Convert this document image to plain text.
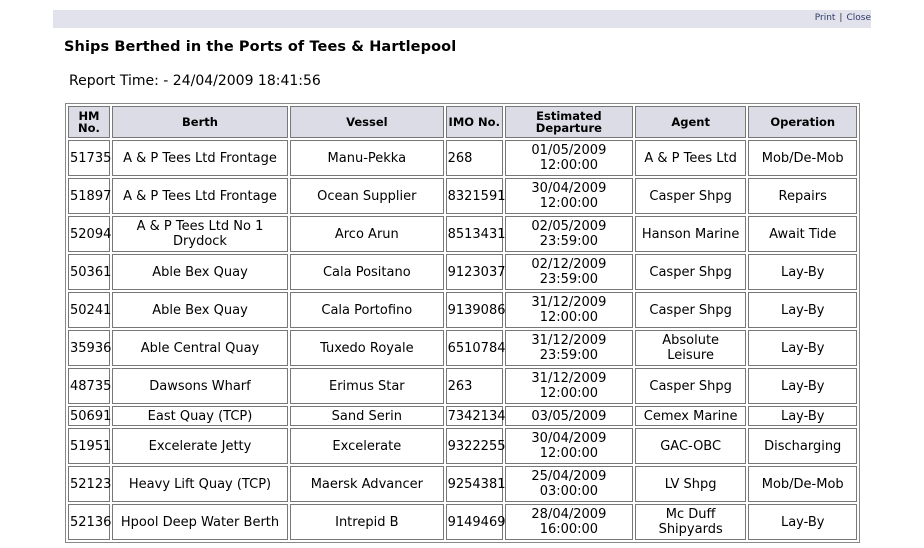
Print | Close
Ships Berthed in the Ports of Tees & Hartlepool
Report Time: - 24/04/2009 18:41:56
HM No.	Berth	Vessel	IMO No.	Estimated Departure	Agent	Operation
51735	A & P Tees Ltd Frontage	Manu-Pekka	268	01/05/2009 12:00:00	A & P Tees Ltd	Mob/De-Mob
51897	A & P Tees Ltd Frontage	Ocean Supplier	8321591	30/04/2009 12:00:00	Casper Shpg	Repairs
52094	A & P Tees Ltd No 1 Drydock	Arco Arun	8513431	02/05/2009 23:59:00	Hanson Marine	Await Tide
50361	Able Bex Quay	Cala Positano	9123037	02/12/2009 23:59:00	Casper Shpg	Lay-By
50241	Able Bex Quay	Cala Portofino	9139086	31/12/2009 12:00:00	Casper Shpg	Lay-By
35936	Able Central Quay	Tuxedo Royale	6510784	31/12/2009 23:59:00	Absolute Leisure	Lay-By
48735	Dawsons Wharf	Erimus Star	263	31/12/2009 12:00:00	Casper Shpg	Lay-By
50691	East Quay (TCP)	Sand Serin	7342134	03/05/2009	Cemex Marine	Lay-By
51951	Excelerate Jetty	Excelerate	9322255	30/04/2009 12:00:00	GAC-OBC	Discharging
52123	Heavy Lift Quay (TCP)	Maersk Advancer	9254381	25/04/2009 03:00:00	LV Shpg	Mob/De-Mob
52136	Hpool Deep Water Berth	Intrepid B	9149469	28/04/2009 16:00:00	Mc Duff Shipyards	Lay-By
